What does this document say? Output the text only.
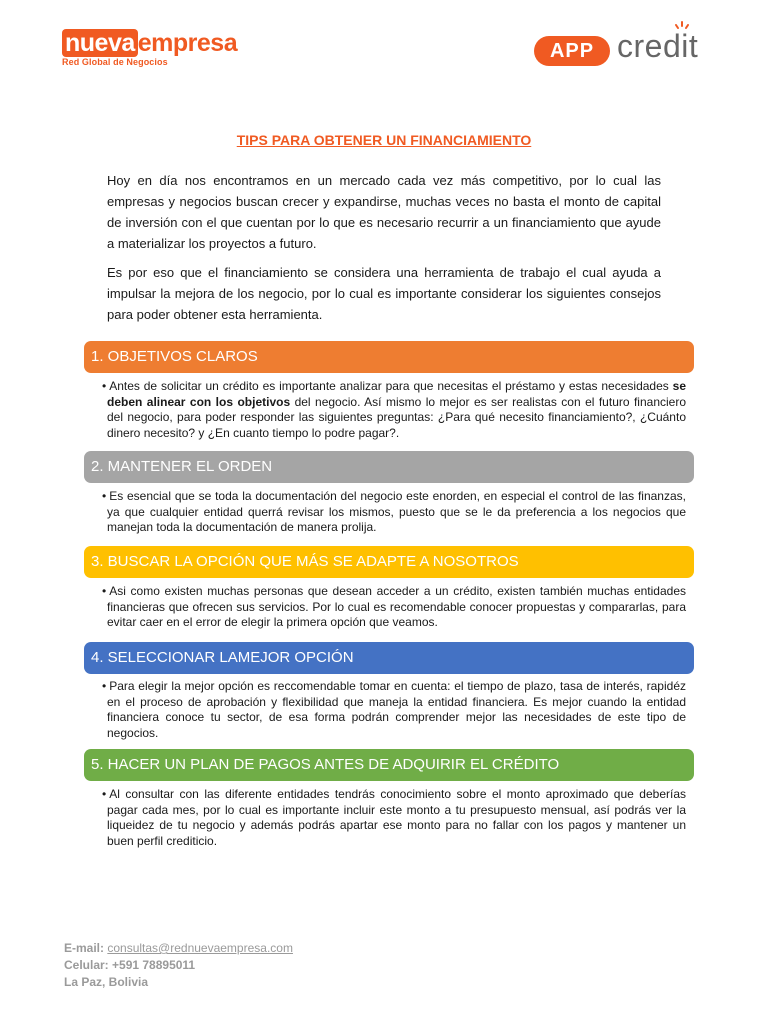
nueva empresa
Red Global de Negocios	APP credit
TIPS PARA OBTENER UN FINANCIAMIENTO

Hoy en día nos encontramos en un mercado cada vez más competitivo, por lo cual las empresas y negocios buscan crecer y expandirse, muchas veces no basta el monto de capital de inversión con el que cuentan por lo que es necesario recurrir a un financiamiento que ayude a materializar los proyectos a futuro.

Es por eso que el financiamiento se considera una herramienta de trabajo el cual ayuda a impulsar la mejora de los negocio, por lo cual es importante considerar los siguientes consejos para poder obtener esta herramienta.

1. OBJETIVOS CLAROS

• Antes de solicitar un crédito es importante analizar para que necesitas el préstamo y estas necesidades se deben alinear con los objetivos del negocio. Así mismo lo mejor es ser realistas con el futuro financiero del negocio, para poder responder las siguientes preguntas: ¿Para qué necesito financiamiento?, ¿Cuánto dinero necesito? y ¿En cuanto tiempo lo podre pagar?.

2. MANTENER EL ORDEN

• Es esencial que se toda la documentación del negocio este enorden, en especial el control de las finanzas, ya que cualquier entidad querrá revisar los mismos, puesto que se le da preferencia a los negocios que manejan toda la documentación de manera prolija.

3. BUSCAR LA OPCIÓN QUE MÁS SE ADAPTE A NOSOTROS

• Asi como existen muchas personas que desean acceder a un crédito, existen también muchas entidades financieras que ofrecen sus servicios. Por lo cual es recomendable conocer propuestas y compararlas, para evitar caer en el error de elegir la primera opción que veamos.

4. SELECCIONAR LAMEJOR OPCIÓN

• Para elegir la mejor opción es reccomendable tomar en cuenta: el tiempo de plazo, tasa de interés, rapidéz en el proceso de aprobación y flexibilidad que maneja la entidad financiera. Es mejor cuando la entidad financiera conoce tu sector, de esa forma podrán comprender mejor las necesidades de este tipo de negocios.

5. HACER UN PLAN DE PAGOS ANTES DE ADQUIRIR EL CRÉDITO

• Al consultar con las diferente entidades tendrás conocimiento sobre el monto aproximado que deberías pagar cada mes, por lo cual es importante incluir este monto a tu presupuesto mensual, así podrás ver la liqueidez de tu negocio y además podrás apartar ese monto para no fallar con los pagos y mantener un buen perfil crediticio.

E-mail: consultas@rednuevaempresa.com
Celular: +591 78895011
La Paz, Bolivia
